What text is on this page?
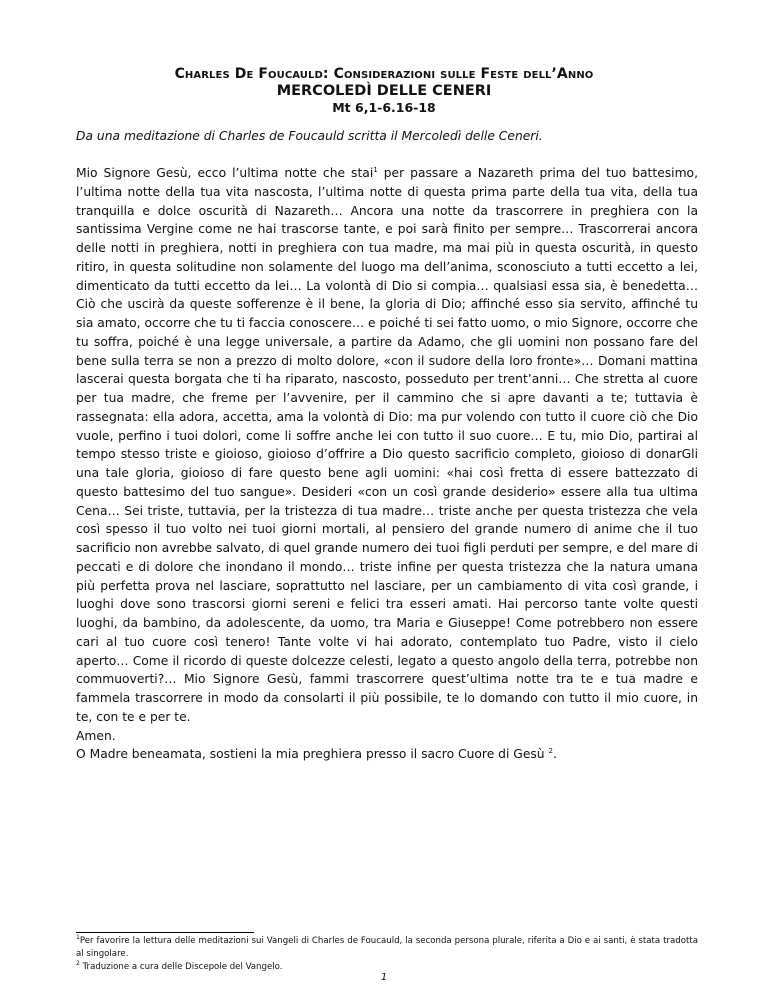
Charles De Foucauld: Considerazioni sulle Feste dell’Anno
MERCOLEDÌ DELLE CENERI
Mt 6,1-6.16-18
Da una meditazione di Charles de Foucauld scritta il Mercoledì delle Ceneri.

Mio Signore Gesù, ecco l’ultima notte che stai$^1$ per passare a Nazareth prima del tuo battesimo, l’ultima notte della tua vita nascosta, l’ultima notte di questa prima parte della tua vita, della tua tranquilla e dolce oscurità di Nazareth… Ancora una notte da trascorrere in preghiera con la santissima Vergine come ne hai trascorse tante, e poi sarà finito per sempre… Trascorrerai ancora delle notti in preghiera, notti in preghiera con tua madre, ma mai più in questa oscurità, in questo ritiro, in questa solitudine non solamente del luogo ma dell’anima, sconosciuto a tutti eccetto a lei, dimenticato da tutti eccetto da lei… La volontà di Dio si compia… qualsiasi essa sia, è benedetta… Ciò che uscirà da queste sofferenze è il bene, la gloria di Dio; affinché esso sia servito, affinché tu sia amato, occorre che tu ti faccia conoscere… e poiché ti sei fatto uomo, o mio Signore, occorre che tu soffra, poiché è una legge universale, a partire da Adamo, che gli uomini non possano fare del bene sulla terra se non a prezzo di molto dolore, «con il sudore della loro fronte»… Domani mattina lascerai questa borgata che ti ha riparato, nascosto, posseduto per trent’anni… Che stretta al cuore per tua madre, che freme per l’avvenire, per il cammino che si apre davanti a te; tuttavia è rassegnata: ella adora, accetta, ama la volontà di Dio: ma pur volendo con tutto il cuore ciò che Dio vuole, perfino i tuoi dolori, come li soffre anche lei con tutto il suo cuore… E tu, mio Dio, partirai al tempo stesso triste e gioioso, gioioso d’offrire a Dio questo sacrificio completo, gioioso di donarGli una tale gloria, gioioso di fare questo bene agli uomini: «hai così fretta di essere battezzato di questo battesimo del tuo sangue». Desideri «con un così grande desiderio» essere alla tua ultima Cena… Sei triste, tuttavia, per la tristezza di tua madre… triste anche per questa tristezza che vela così spesso il tuo volto nei tuoi giorni mortali, al pensiero del grande numero di anime che il tuo sacrificio non avrebbe salvato, di quel grande numero dei tuoi figli perduti per sempre, e del mare di peccati e di dolore che inondano il mondo… triste infine per questa tristezza che la natura umana più perfetta prova nel lasciare, soprattutto nel lasciare, per un cambiamento di vita così grande, i luoghi dove sono trascorsi giorni sereni e felici tra esseri amati. Hai percorso tante volte questi luoghi, da bambino, da adolescente, da uomo, tra Maria e Giuseppe! Come potrebbero non essere cari al tuo cuore così tenero! Tante volte vi hai adorato, contemplato tuo Padre, visto il cielo aperto… Come il ricordo di queste dolcezze celesti, legato a questo angolo della terra, potrebbe non commuoverti?… Mio Signore Gesù, fammi trascorrere quest’ultima notte tra te e tua madre e fammela trascorrere in modo da consolarti il più possibile, te lo domando con tutto il mio cuore, in te, con te e per te.

Amen.

O Madre beneamata, sostieni la mia preghiera presso il sacro Cuore di Gesù $^2$.

$^1$Per favorire la lettura delle meditazioni sui Vangeli di Charles de Foucauld, la seconda persona plurale, riferita a Dio e ai santi, è stata tradotta al singolare.

$^2$ Traduzione a cura delle Discepole del Vangelo.

1
